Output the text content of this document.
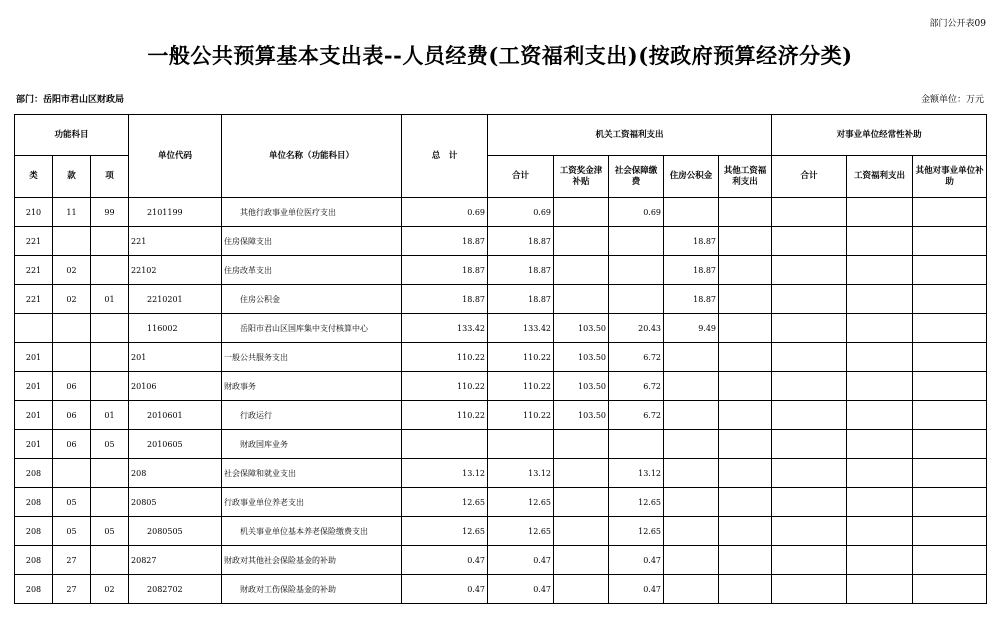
部门公开表09
一般公共预算基本支出表--人员经费(工资福利支出)(按政府预算经济分类)
部门：岳阳市君山区财政局	金额单位：万元
功能科目			单位代码	单位名称（功能科目）	总　计	机关工资福利支出					对事业单位经常性补助		
类	款	项				合计	工资奖金津补贴	社会保障缴费	住房公积金	其他工资福利支出	合计	工资福利支出	其他对事业单位补助
210	11	99	2101199	其他行政事业单位医疗支出	0.69	0.69		0.69					
221			221	住房保障支出	18.87	18.87			18.87				
221	02		22102	住房改革支出	18.87	18.87			18.87				
221	02	01	2210201	住房公积金	18.87	18.87			18.87				
			116002	岳阳市君山区国库集中支付核算中心	133.42	133.42	103.50	20.43	9.49				
201			201	一般公共服务支出	110.22	110.22	103.50	6.72					
201	06		20106	财政事务	110.22	110.22	103.50	6.72					
201	06	01	2010601	行政运行	110.22	110.22	103.50	6.72					
201	06	05	2010605	财政国库业务									
208			208	社会保障和就业支出	13.12	13.12		13.12					
208	05		20805	行政事业单位养老支出	12.65	12.65		12.65					
208	05	05	2080505	机关事业单位基本养老保险缴费支出	12.65	12.65		12.65					
208	27		20827	财政对其他社会保险基金的补助	0.47	0.47		0.47					
208	27	02	2082702	财政对工伤保险基金的补助	0.47	0.47		0.47					
